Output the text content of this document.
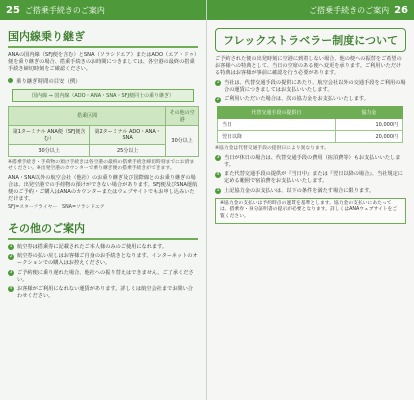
25 ご搭乗手続きのご案内
国内線乗り継ぎ
ANAの国内線（SFJ便を含む）とSNA（ソラシドエア）またはADO（エア・ドゥ）便を乗り継ぎの場合、搭乗手続きのお時間につきましては、各空港の最終の搭乗手続き締切時刻をご確認ください。
乗り継ぎ時間の目安（例）
国内線 ⇒ 国内線（ADO・ANA・SNA・SFJ便同士の乗り継ぎ）
搭乗区間		その他の空港
第1ターミナル ANA便（SFJ便含む）	第2ターミナル ADO・ANA・SNA	30分以上
30分以上	25分以上	
※搭乗手続き・手荷物の預け手続きは各空港の最終の搭乗手続き締切時刻までにお済ませください。※出発空港のカウンターで乗り継ぎ便の搭乗手続きができます。
ANA・SNA以外の航空会社（他社）のお乗り継ぎ及び国際線とのお乗り継ぎの場合は、出発空港での手荷物の預けができない場合があります。SFJ便及びSNA運航便のご予約・ご購入はANAのカウンターまたはウェブサイトでもお申し込みいただけます。
SFJ=スターフライヤー　SNA=ソラシドエア
その他のご案内
1 航空券は搭乗券に記載されたご本人様のみのご使用になれます。
2 航空券の払い戻しはお客様ご自身のお手続きとなります。インターネットのオークションでの購入はお控えください。
3 ご予約便に乗り遅れた場合、他社への振り替えはできません。ご了承ください。
4 お客様がご利用になれない運賃があります。詳しくは航空会社までお問い合わせください。
ご搭乗手続きのご案内 26
フレックストラベラー制度について
ご予約された便の出発時刻に空港に到着しない場合、他の便への振替をご希望のお客様への特典として、当日の空席のある便へ変更を承ります。ご利用いただける特典はお客様が事前に確認を行う必要があります。
1 当社は、代替交通手段の提供にあたり、航空会社以外の交通手段をご利用の場合の運賃につきましてはお支払いいたします。
2 ご利用いただいた場合は、次の協力金をお支払いいたします。
代替交通手段の提供日	協力金
当日	10,000円
翌日以降	20,000円
※協力金は代替交通手段の提供日により異なります。
3 当日が休日の場合は、代替交通手段の費用（宿泊費等）もお支払いいたします。
4 また代替交通手段の提供が『当日中』または『翌日以降の場合』、当社規定に定める範囲で宿泊費をお支払いいたします。
5 上記協力金のお支払いは、以下の条件を満たす場合に限ります。
※協力金の支払いは予約時点の運賃を基準とします。協力金の支払いにあたっては、搭乗券・身分証明書の提示が必要となります。詳しくはANAウェブサイトをご覧ください。
